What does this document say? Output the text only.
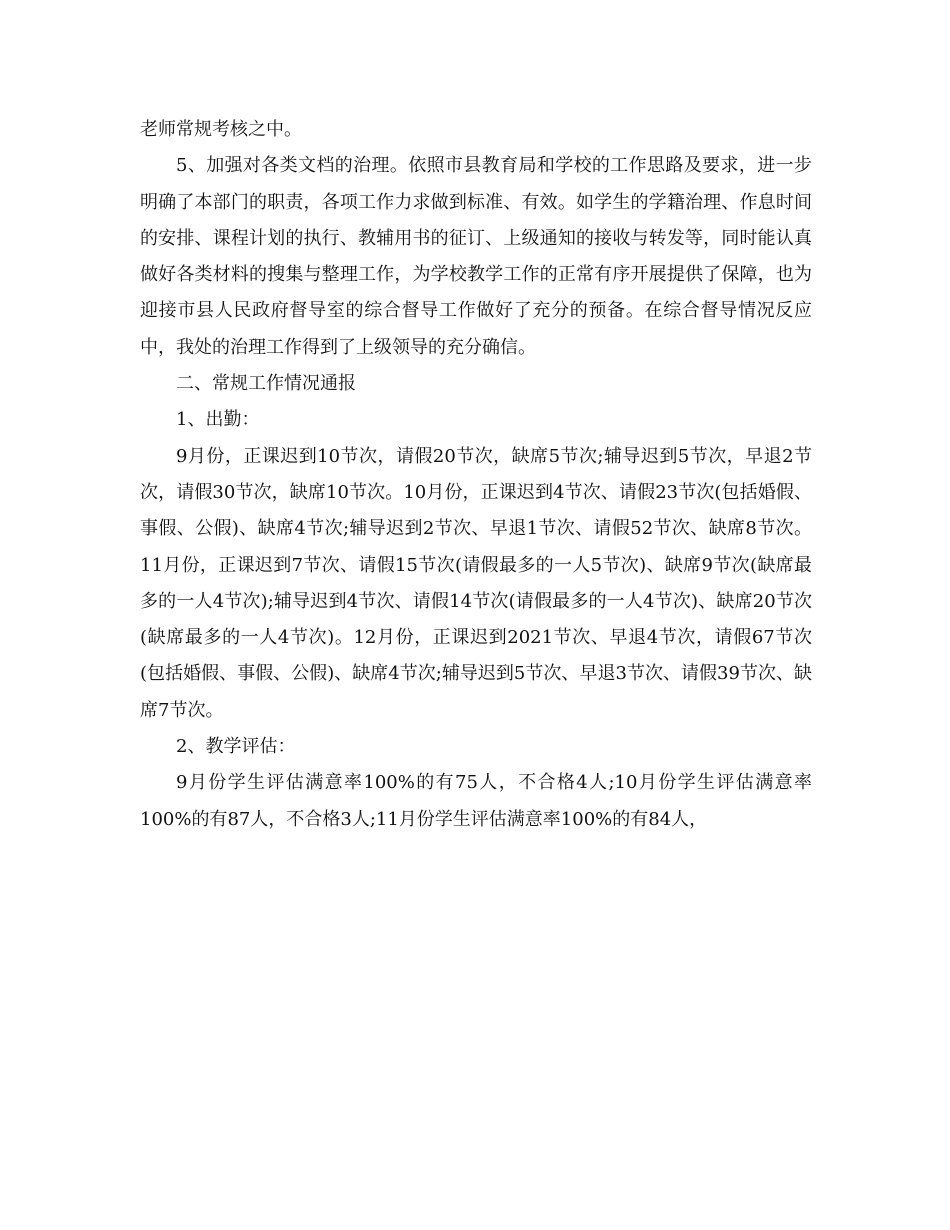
老师常规考核之中。

5、加强对各类文档的治理。依照市县教育局和学校的工作思路及要求，进一步明确了本部门的职责，各项工作力求做到标准、有效。如学生的学籍治理、作息时间的安排、课程计划的执行、教辅用书的征订、上级通知的接收与转发等，同时能认真做好各类材料的搜集与整理工作，为学校教学工作的正常有序开展提供了保障，也为迎接市县人民政府督导室的综合督导工作做好了充分的预备。在综合督导情况反应中，我处的治理工作得到了上级领导的充分确信。

二、常规工作情况通报

1、出勤：

9月份，正课迟到10节次，请假20节次，缺席5节次;辅导迟到5节次，早退2节次，请假30节次，缺席10节次。10月份，正课迟到4节次、请假23节次(包括婚假、事假、公假)、缺席4节次;辅导迟到2节次、早退1节次、请假52节次、缺席8节次。11月份，正课迟到7节次、请假15节次(请假最多的一人5节次)、缺席9节次(缺席最多的一人4节次);辅导迟到4节次、请假14节次(请假最多的一人4节次)、缺席20节次(缺席最多的一人4节次)。12月份，正课迟到2021节次、早退4节次，请假67节次(包括婚假、事假、公假)、缺席4节次;辅导迟到5节次、早退3节次、请假39节次、缺席7节次。

2、教学评估：

9月份学生评估满意率100%的有75人，不合格4人;10月份学生评估满意率100%的有87人，不合格3人;11月份学生评估满意率100%的有84人，
